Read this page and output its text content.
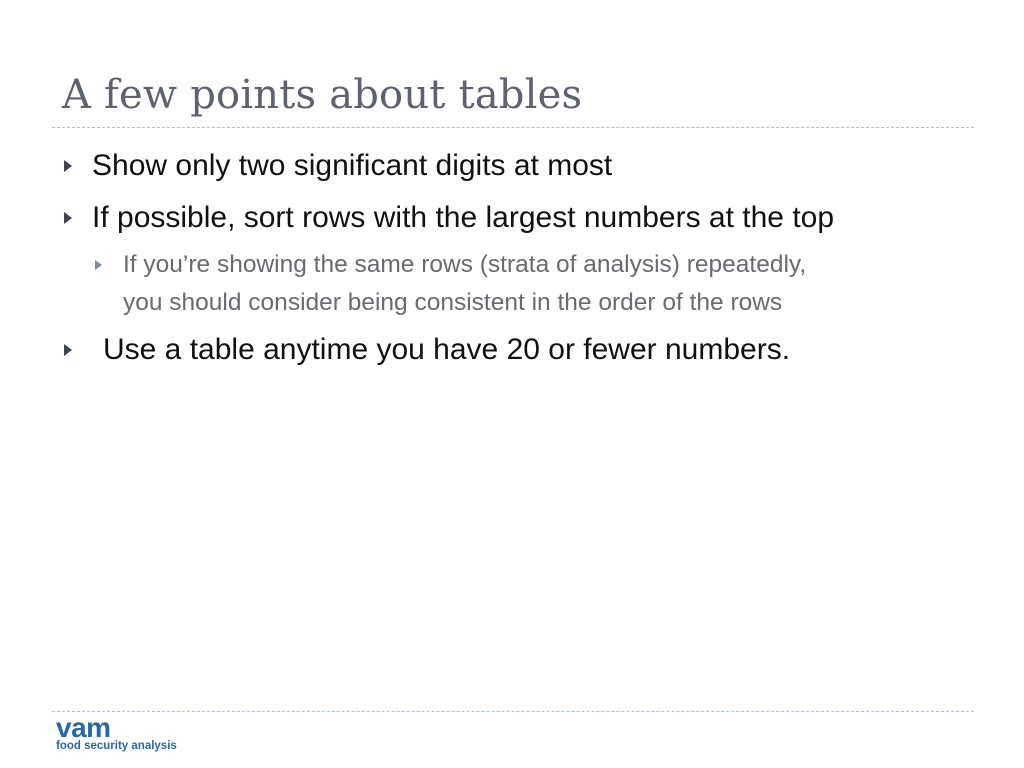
A few points about tables
Show only two significant digits at most
If possible, sort rows with the largest numbers at the top
If you’re showing the same rows (strata of analysis) repeatedly,
you should consider being consistent in the order of the rows
Use a table anytime you have 20 or fewer numbers.
vam
food security analysis
